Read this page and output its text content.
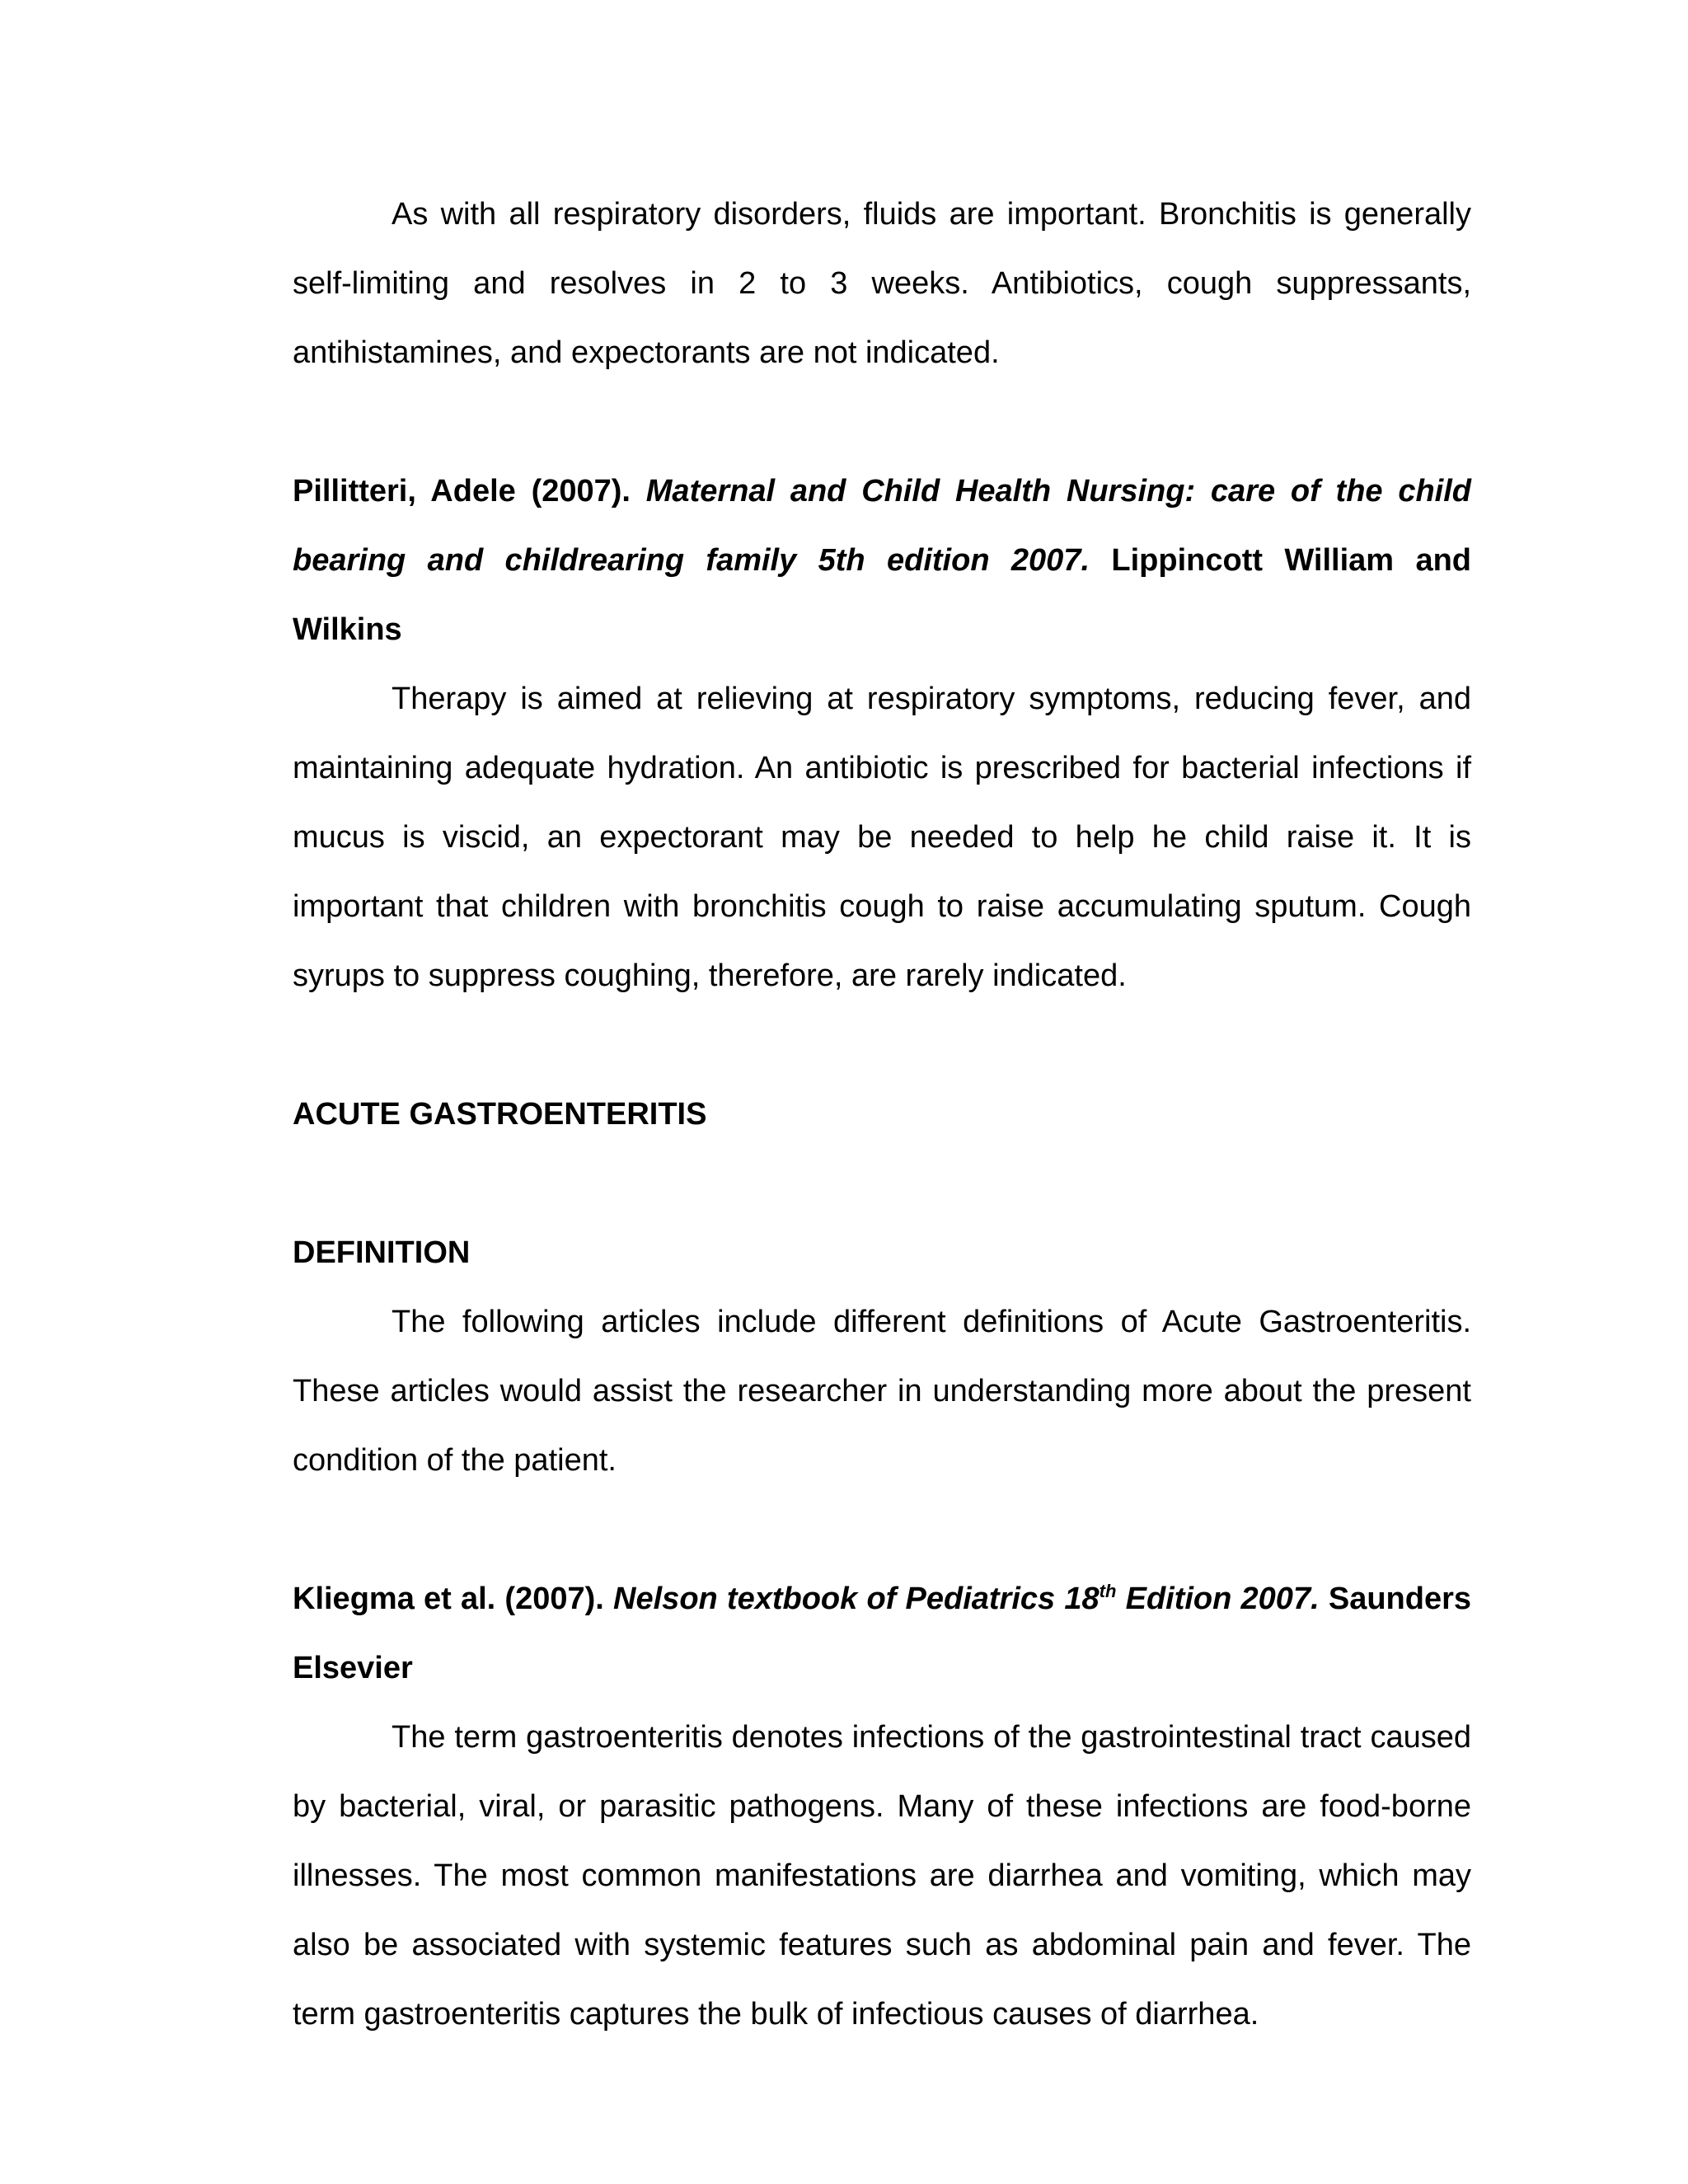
As with all respiratory disorders, fluids are important. Bronchitis is generally self-limiting and resolves in 2 to 3 weeks. Antibiotics, cough suppressants, antihistamines, and expectorants are not indicated.

Pillitteri, Adele (2007). Maternal and Child Health Nursing: care of the child bearing and childrearing family 5th edition 2007. Lippincott William and Wilkins

Therapy is aimed at relieving at respiratory symptoms, reducing fever, and maintaining adequate hydration. An antibiotic is prescribed for bacterial infections if mucus is viscid, an expectorant may be needed to help he child raise it. It is important that children with bronchitis cough to raise accumulating sputum. Cough syrups to suppress coughing, therefore, are rarely indicated.

ACUTE GASTROENTERITIS

DEFINITION

The following articles include different definitions of Acute Gastroenteritis. These articles would assist the researcher in understanding more about the present condition of the patient.

Kliegma et al. (2007). Nelson textbook of Pediatrics 18th Edition 2007. Saunders Elsevier

The term gastroenteritis denotes infections of the gastrointestinal tract caused by bacterial, viral, or parasitic pathogens. Many of these infections are food-borne illnesses. The most common manifestations are diarrhea and vomiting, which may also be associated with systemic features such as abdominal pain and fever. The term gastroenteritis captures the bulk of infectious causes of diarrhea.
